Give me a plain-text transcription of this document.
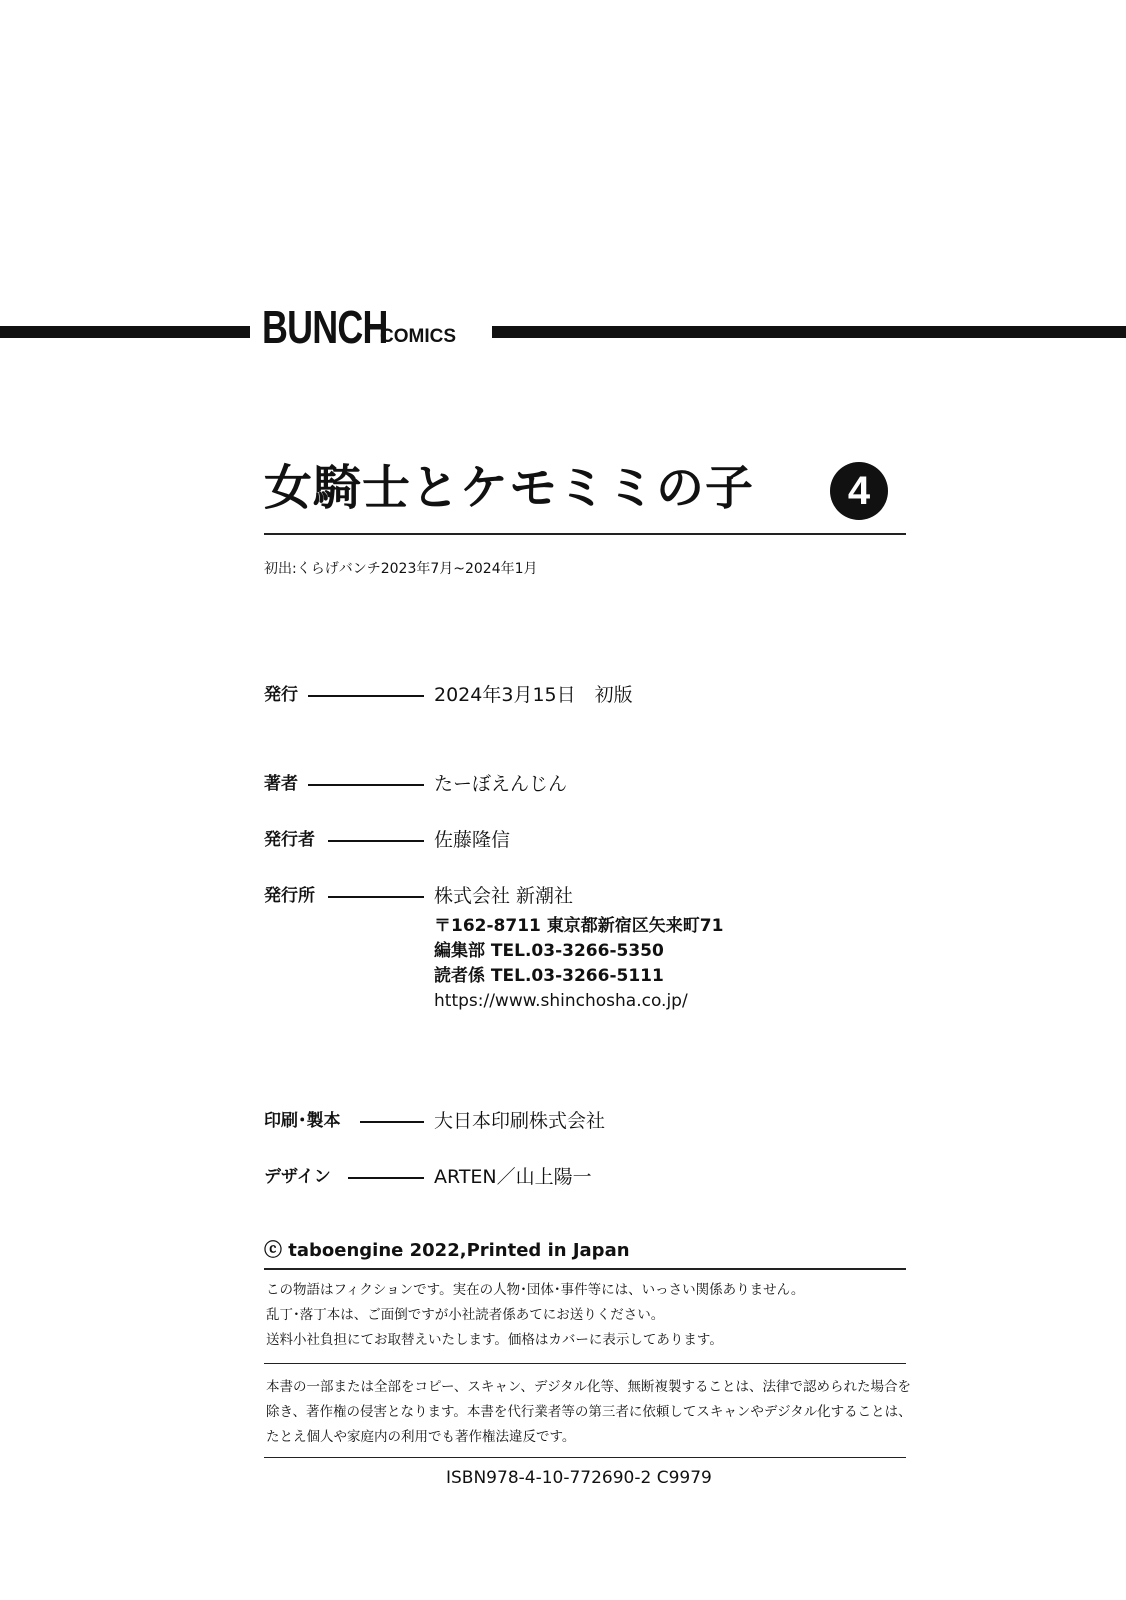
BUNCH
COMICS
女騎士とケモミミの子	4
初出:くらげバンチ2023年7月~2024年1月
発行	2024年3月15日　初版
著者	たーぼえんじん
発行者	佐藤隆信
発行所	株式会社 新潮社
〒162-8711 東京都新宿区矢来町71
編集部 TEL.03-3266-5350
読者係 TEL.03-3266-5111
https://www.shinchosha.co.jp/
印刷･製本	大日本印刷株式会社
デザイン	ARTEN／山上陽一
ⓒ taboengine 2022,Printed in Japan
この物語はフィクションです。実在の人物･団体･事件等には、いっさい関係ありません。
乱丁･落丁本は、ご面倒ですが小社読者係あてにお送りください。
送料小社負担にてお取替えいたします。価格はカバーに表示してあります。
本書の一部または全部をコピー、スキャン、デジタル化等、無断複製することは、法律で認められた場合を
除き、著作権の侵害となります。本書を代行業者等の第三者に依頼してスキャンやデジタル化することは、
たとえ個人や家庭内の利用でも著作権法違反です。
ISBN978-4-10-772690-2 C9979
